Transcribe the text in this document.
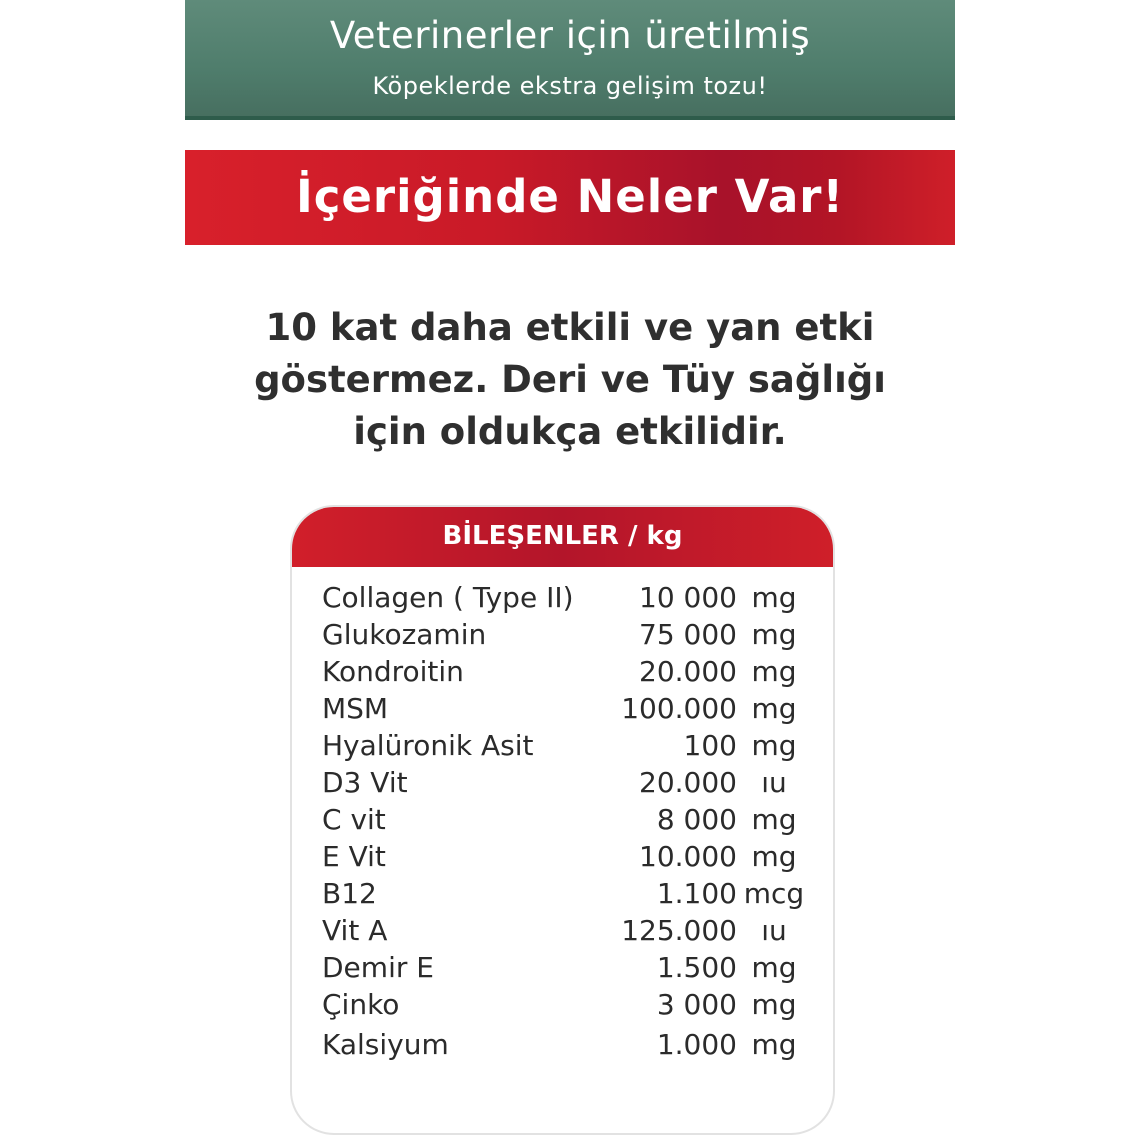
Veterinerler için üretilmiş
Köpeklerde ekstra gelişim tozu!
İçeriğinde Neler Var!
10 kat daha etkili ve yan etki
göstermez. Deri ve Tüy sağlığı
için oldukça etkilidir.
BİLEŞENLER / kg
Collagen ( Type II) 10 000 mg
Glukozamin	75 000 mg
Kondroitin	20.000 mg
MSM	100.000 mg
Hyalüronik Asit	100 mg
D3 Vit	20.000 ıu
C vit	8 000 mg
E Vit	10.000 mg
B12	1.100 mcg
Vit A	125.000 ıu
Demir E	1.500 mg
Çinko	3 000 mg
Kalsiyum	1.000 mg
